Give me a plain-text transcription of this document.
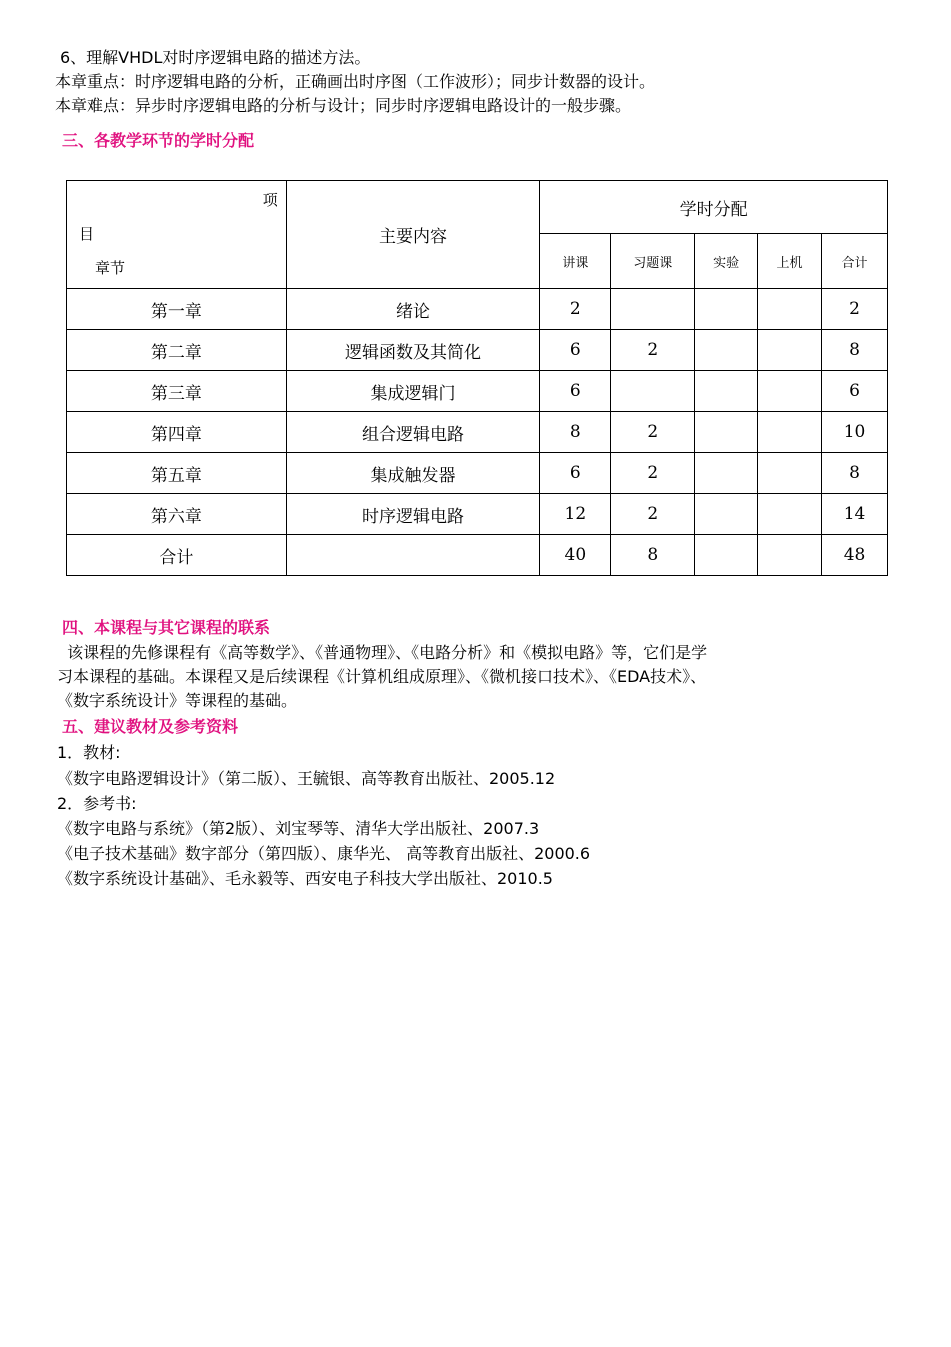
6、理解VHDL对时序逻辑电路的描述方法。
本章重点：时序逻辑电路的分析，正确画出时序图（工作波形）；同步计数器的设计。
本章难点：异步时序逻辑电路的分析与设计；同步时序逻辑电路设计的一般步骤。
三、各教学环节的学时分配
项
目
章节	主要内容	学时分配				
		讲课	习题课	实验	上机	合计
第一章	绪论	2				2
第二章	逻辑函数及其简化	6	2			8
第三章	集成逻辑门	6				6
第四章	组合逻辑电路	8	2			10
第五章	集成触发器	6	2			8
第六章	时序逻辑电路	12	2			14
合计		40	8			48
四、本课程与其它课程的联系
该课程的先修课程有《高等数学》、《普通物理》、《电路分析》和《模拟电路》等，它们是学
习本课程的基础。本课程又是后续课程《计算机组成原理》、《微机接口技术》、《EDA技术》、
《数字系统设计》等课程的基础。
五、建议教材及参考资料
1．教材:
《数字电路逻辑设计》（第二版）、王毓银、高等教育出版社、2005.12
2．参考书:
《数字电路与系统》（第2版）、刘宝琴等、清华大学出版社、2007.3
《电子技术基础》数字部分（第四版）、康华光、 高等教育出版社、2000.6
《数字系统设计基础》、毛永毅等、西安电子科技大学出版社、2010.5
